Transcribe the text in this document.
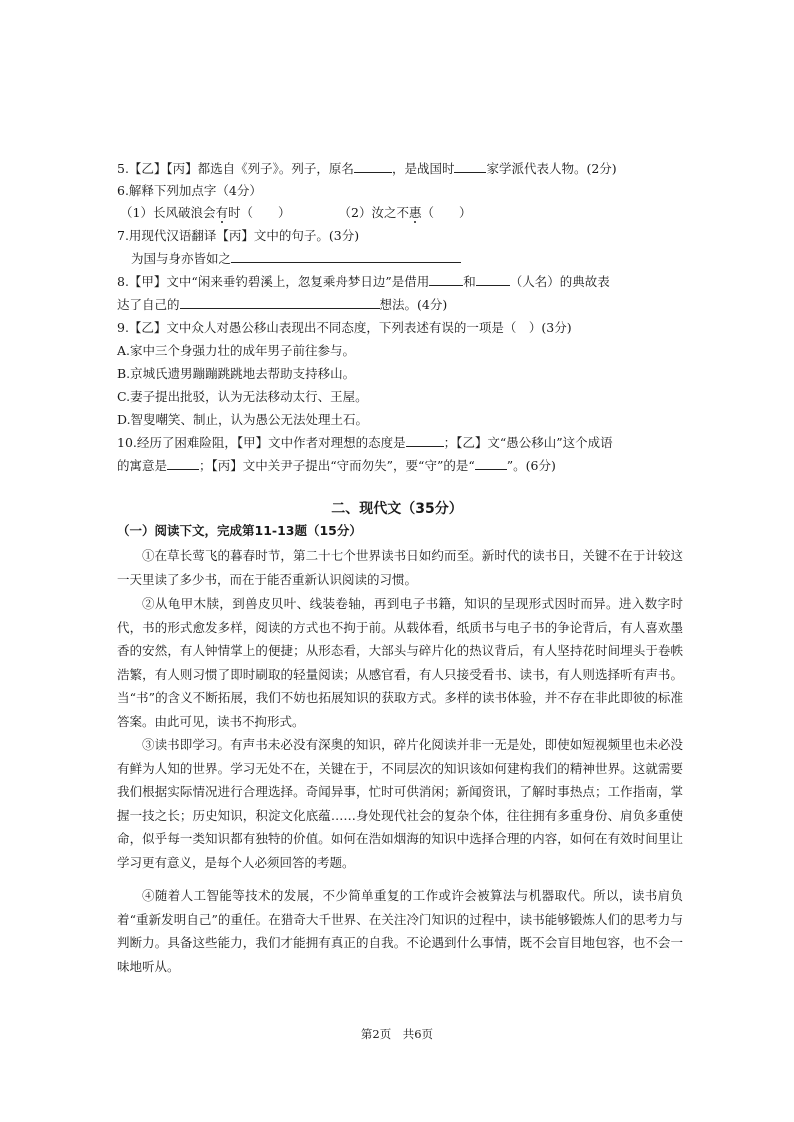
5.【乙】【丙】都选自《列子》。列子，原名	，是战国时	家学派代表人物。(2分)
6.解释下列加点字（4分）
（1）长风破浪会有时（　　）	（2）汝之不惠（　　）
7.用现代汉语翻译【丙】文中的句子。(3分)
为国与身亦皆如之
8.【甲】文中“闲来垂钓碧溪上，忽复乘舟梦日边”是借用	和	（人名）的典故表
达了自己的	想法。(4分)
9.【乙】文中众人对愚公移山表现出不同态度，下列表述有误的一项是（　）(3分)
A.家中三个身强力壮的成年男子前往参与。
B.京城氏遗男蹦蹦跳跳地去帮助支持移山。
C.妻子提出批驳，认为无法移动太行、王屋。
D.智叟嘲笑、制止，认为愚公无法处理土石。
10.经历了困难险阻，【甲】文中作者对理想的态度是	；【乙】文“愚公移山”这个成语
的寓意是	；【丙】文中关尹子提出“守而勿失”，要“守”的是“	”。(6分)
二、现代文（35分）
（一）阅读下文，完成第11-13题（15分）
①在草长莺飞的暮春时节，第二十七个世界读书日如约而至。新时代的读书日，关键不在于计较这一天里读了多少书，而在于能否重新认识阅读的习惯。
②从龟甲木牍，到兽皮贝叶、线装卷轴，再到电子书籍，知识的呈现形式因时而异。进入数字时代，书的形式愈发多样，阅读的方式也不拘于前。从载体看，纸质书与电子书的争论背后，有人喜欢墨香的安然，有人钟情掌上的便捷；从形态看，大部头与碎片化的热议背后，有人坚持花时间埋头于卷帙浩繁，有人则习惯了即时刷取的轻量阅读；从感官看，有人只接受看书、读书，有人则选择听有声书。当“书”的含义不断拓展，我们不妨也拓展知识的获取方式。多样的读书体验，并不存在非此即彼的标准答案。由此可见，读书不拘形式。
③读书即学习。有声书未必没有深奥的知识，碎片化阅读并非一无是处，即使如短视频里也未必没有鲜为人知的世界。学习无处不在，关键在于，不同层次的知识该如何建构我们的精神世界。这就需要我们根据实际情况进行合理选择。奇闻异事，忙时可供消闲；新闻资讯，了解时事热点；工作指南，掌握一技之长；历史知识，积淀文化底蕴……身处现代社会的复杂个体，往往拥有多重身份、肩负多重使命，似乎每一类知识都有独特的价值。如何在浩如烟海的知识中选择合理的内容，如何在有效时间里让学习更有意义，是每个人必须回答的考题。
④随着人工智能等技术的发展，不少简单重复的工作或许会被算法与机器取代。所以，读书肩负着“重新发明自己”的重任。在猎奇大千世界、在关注冷门知识的过程中，读书能够锻炼人们的思考力与判断力。具备这些能力，我们才能拥有真正的自我。不论遇到什么事情，既不会盲目地包容，也不会一味地听从。
第2页　共6页
